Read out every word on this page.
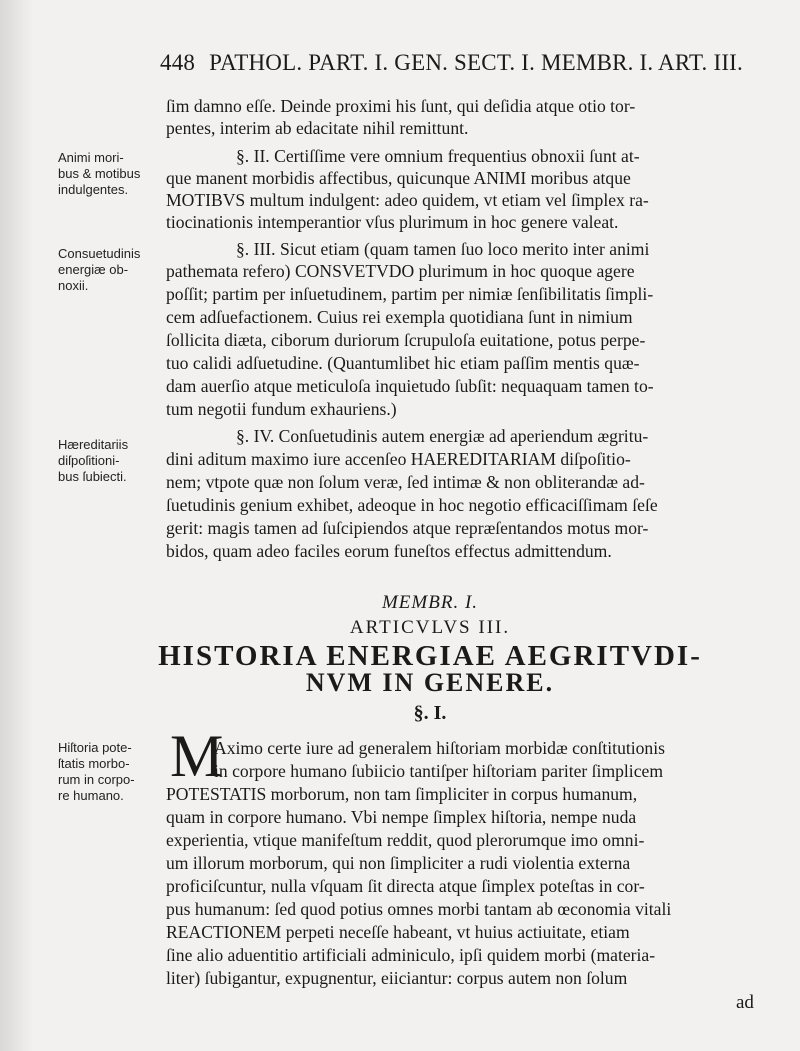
448 PATHOL. PART. I. GEN. SECT. I. MEMBR. I. ART. III.
Animi mori-
bus & motibus
indulgentes.
Consuetudinis
energiæ ob-
noxii.
Hæreditariis
diſpoſitioni-
bus ſubiecti.
Hiſtoria pote-
ſtatis morbo-
rum in corpo-
re humano.
ſim damno eſſe. Deinde proximi his ſunt, qui deſidia atque otio tor-
pentes, interim ab edacitate nihil remittunt.
§. II. Certiſſime vere omnium frequentius obnoxii ſunt at-
que manent morbidis affectibus, quicunque ANIMI moribus atque
MOTIBVS multum indulgent: adeo quidem, vt etiam vel ſimplex ra-
tiocinationis intemperantior vſus plurimum in hoc genere valeat.
§. III. Sicut etiam (quam tamen ſuo loco merito inter animi
pathemata refero) CONSVETVDO plurimum in hoc quoque agere
poſſit; partim per inſuetudinem, partim per nimiæ ſenſibilitatis ſimpli-
cem adſuefactionem. Cuius rei exempla quotidiana ſunt in nimium
ſollicita diæta, ciborum duriorum ſcrupuloſa euitatione, potus perpe-
tuo calidi adſuetudine. (Quantumlibet hic etiam paſſim mentis quæ-
dam auerſio atque meticuloſa inquietudo ſubſit: nequaquam tamen to-
tum negotii fundum exhauriens.)
§. IV. Conſuetudinis autem energiæ ad aperiendum ægritu-
dini aditum maximo iure accenſeo HAEREDITARIAM diſpoſitio-
nem; vtpote quæ non ſolum veræ, ſed intimæ & non obliterandæ ad-
ſuetudinis genium exhibet, adeoque in hoc negotio efficaciſſimam ſeſe
gerit: magis tamen ad ſuſcipiendos atque repræſentandos motus mor-
bidos, quam adeo faciles eorum funeſtos effectus admittendum.
MEMBR. I.
ARTICVLVS III.
HISTORIA ENERGIAE AEGRITVDI-
NVM IN GENERE.
§. I.
M
Aximo certe iure ad generalem hiſtoriam morbidæ conſtitutionis
in corpore humano ſubiicio tantiſper hiſtoriam pariter ſimplicem
POTESTATIS morborum, non tam ſimpliciter in corpus humanum,
quam in corpore humano. Vbi nempe ſimplex hiſtoria, nempe nuda
experientia, vtique manifeſtum reddit, quod plerorumque imo omni-
um illorum morborum, qui non ſimpliciter a rudi violentia externa
proficiſcuntur, nulla vſquam ſit directa atque ſimplex poteſtas in cor-
pus humanum: ſed quod potius omnes morbi tantam ab œconomia vitali
REACTIONEM perpeti neceſſe habeant, vt huius actiuitate, etiam
ſine alio aduentitio artificiali adminiculo, ipſi quidem morbi (materia-
liter) ſubigantur, expugnentur, eiiciantur: corpus autem non ſolum
ad
